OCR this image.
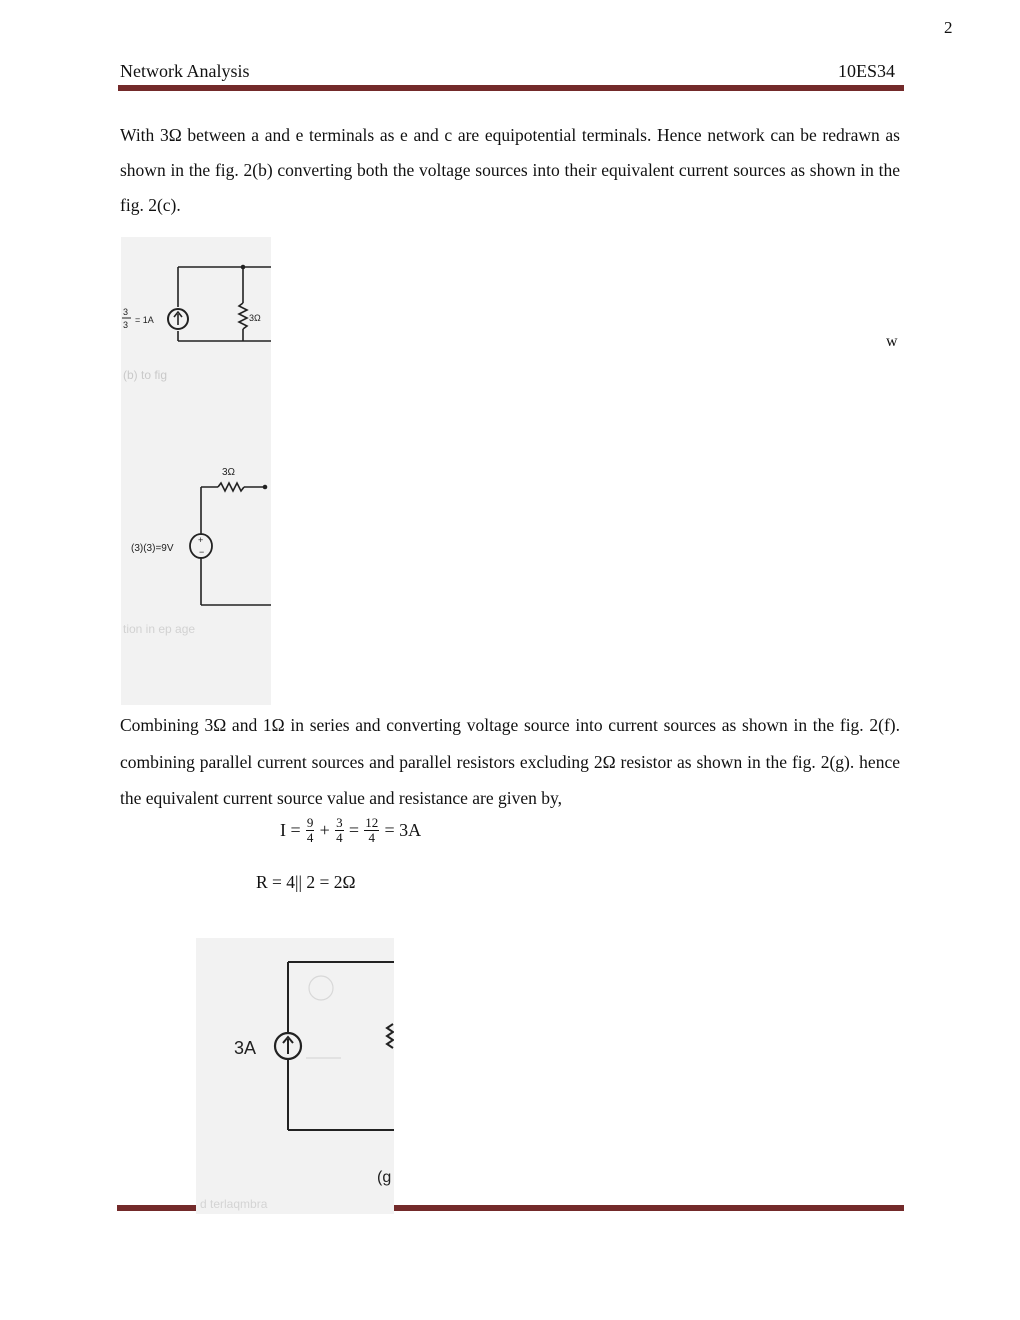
2
Network Analysis	10ES34

With 3Ω between a and e terminals as e and c are equipotential terminals. Hence network can be redrawn as shown in the fig. 2(b) converting both the voltage sources into their equivalent current sources as shown in the fig. 2(c).

3
3 = 1A	3Ω
(b) to fig
+
−
3Ω
(3)(3)=9V
tion in ep age
w

Combining 3Ω and 1Ω in series and converting voltage source into current sources as shown in the fig. 2(f). combining parallel current sources and parallel resistors excluding 2Ω resistor as shown in the fig. 2(g). hence the equivalent current source value and resistance are given by,

$I = \frac{9}{4} + \frac{3}{4} = \frac{12}{4} = 3A$
R = 4|| 2 = 2Ω
3A
(g
d terlaqmbra
